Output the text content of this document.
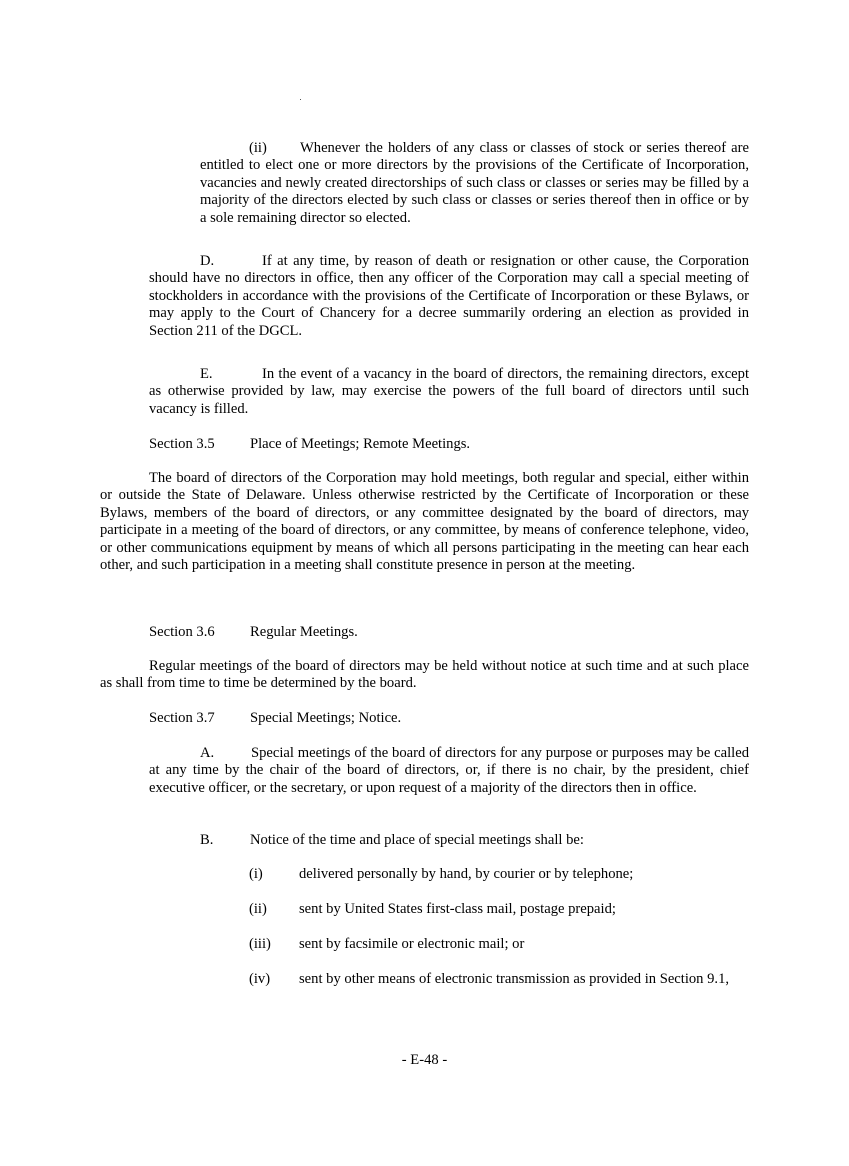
(ii) Whenever the holders of any class or classes of stock or series thereof are entitled to elect one or more directors by the provisions of the Certificate of Incorporation, vacancies and newly created directorships of such class or classes or series may be filled by a majority of the directors elected by such class or classes or series thereof then in office or by a sole remaining director so elected.

D.	If at any time, by reason of death or resignation or other cause, the Corporation should have no directors in office, then any officer of the Corporation may call a special meeting of stockholders in accordance with the provisions of the Certificate of Incorporation or these Bylaws, or may apply to the Court of Chancery for a decree summarily ordering an election as provided in Section 211 of the DGCL.

E.	In the event of a vacancy in the board of directors, the remaining directors, except as otherwise provided by law, may exercise the powers of the full board of directors until such vacancy is filled.

Section 3.5 Place of Meetings; Remote Meetings.

The board of directors of the Corporation may hold meetings, both regular and special, either within or outside the State of Delaware. Unless otherwise restricted by the Certificate of Incorporation or these Bylaws, members of the board of directors, or any committee designated by the board of directors, may participate in a meeting of the board of directors, or any committee, by means of conference telephone, video, or other communications equipment by means of which all persons participating in the meeting can hear each other, and such participation in a meeting shall constitute presence in person at the meeting.

Section 3.6 Regular Meetings.

Regular meetings of the board of directors may be held without notice at such time and at such place as shall from time to time be determined by the board.

Section 3.7 Special Meetings; Notice.

A.	Special meetings of the board of directors for any purpose or purposes may be called at any time by the chair of the board of directors, or, if there is no chair, by the president, chief executive officer, or the secretary, or upon request of a majority of the directors then in office.

B.	Notice of the time and place of special meetings shall be:

(i) delivered personally by hand, by courier or by telephone;

(ii) sent by United States first-class mail, postage prepaid;

(iii) sent by facsimile or electronic mail; or

(iv) sent by other means of electronic transmission as provided in Section 9.1,

- E-48 -
